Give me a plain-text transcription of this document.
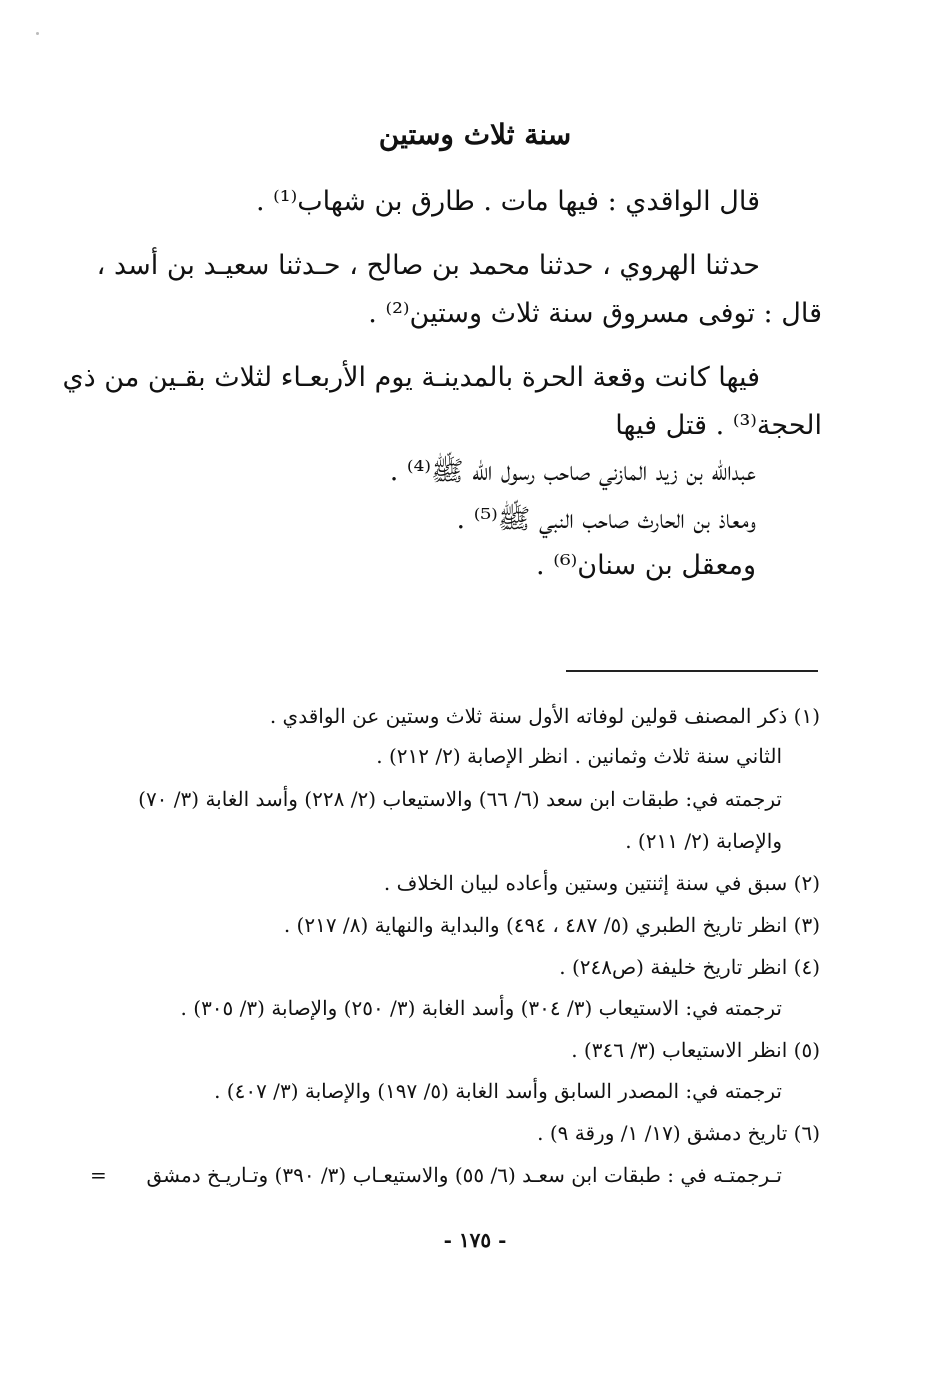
سنة ثلاث وستين
قال الواقدي : فيها مات . طارق بن شهاب⁽¹⁾ .
حدثنا الهروي ، حدثنا محمد بن صالح ، حـدثنا سعيـد بن أسد ،
قال : توفى مسروق سنة ثلاث وستين⁽²⁾ .
فيها كانت وقعة الحرة بالمدينـة يوم الأربعـاء لثلاث بقـين من ذي
الحجة⁽³⁾ . قتل فيها
عبدالله بن زيد المازني صاحب رسول الله ﷺ⁽⁴⁾ .
ومعاذ بن الحارث صاحب النبي ﷺ⁽⁵⁾ .
ومعقل بن سنان⁽⁶⁾ .
(١) ذكر المصنف قولين لوفاته الأول سنة ثلاث وستين عن الواقدي .
الثاني سنة ثلاث وثمانين . انظر الإصابة (٢/ ٢١٢) .
ترجمته في: طبقات ابن سعد (٦/ ٦٦) والاستيعاب (٢/ ٢٢٨) وأسد الغابة (٣/ ٧٠)
والإصابة (٢/ ٢١١) .
(٢) سبق في سنة إثنتين وستين وأعاده لبيان الخلاف .
(٣) انظر تاريخ الطبري (٥/ ٤٨٧ ، ٤٩٤) والبداية والنهاية (٨/ ٢١٧) .
(٤) انظر تاريخ خليفة (ص٢٤٨) .
ترجمته في: الاستيعاب (٣/ ٣٠٤) وأسد الغابة (٣/ ٢٥٠) والإصابة (٣/ ٣٠٥) .
(٥) انظر الاستيعاب (٣/ ٣٤٦) .
ترجمته في: المصدر السابق وأسد الغابة (٥/ ١٩٧) والإصابة (٣/ ٤٠٧) .
(٦) تاريخ دمشق (١٧/ ١/ ورقة ٩) .
تـرجمتـه في : طبقات ابن سعـد (٦/ ٥٥) والاستيعـاب (٣/ ٣٩٠) وتـاريـخ دمشق
=
- ١٧٥ -
